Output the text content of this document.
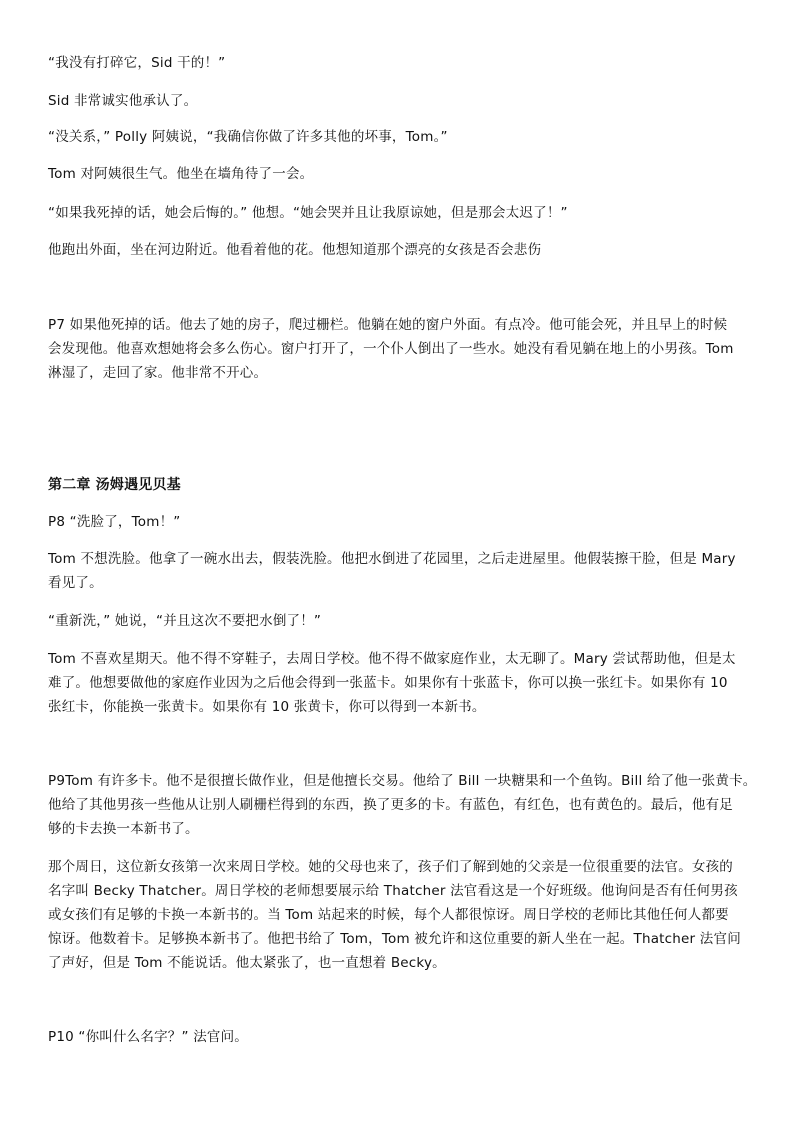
“我没有打碎它，Sid 干的！”
Sid 非常诚实他承认了。
“没关系，” Polly 阿姨说，“我确信你做了许多其他的坏事，Tom。”
Tom 对阿姨很生气。他坐在墙角待了一会。
“如果我死掉的话，她会后悔的。” 他想。“她会哭并且让我原谅她，但是那会太迟了！”
他跑出外面，坐在河边附近。他看着他的花。他想知道那个漂亮的女孩是否会悲伤
P7 如果他死掉的话。他去了她的房子，爬过栅栏。他躺在她的窗户外面。有点冷。他可能会死，并且早上的时候
会发现他。他喜欢想她将会多么伤心。窗户打开了，一个仆人倒出了一些水。她没有看见躺在地上的小男孩。Tom
淋湿了，走回了家。他非常不开心。
第二章 汤姆遇见贝基
P8 “洗脸了，Tom！”
Tom 不想洗脸。他拿了一碗水出去，假装洗脸。他把水倒进了花园里，之后走进屋里。他假装擦干脸，但是 Mary
看见了。
“重新洗，” 她说，“并且这次不要把水倒了！”
Tom 不喜欢星期天。他不得不穿鞋子，去周日学校。他不得不做家庭作业，太无聊了。Mary 尝试帮助他，但是太
难了。他想要做他的家庭作业因为之后他会得到一张蓝卡。如果你有十张蓝卡，你可以换一张红卡。如果你有 10
张红卡，你能换一张黄卡。如果你有 10 张黄卡，你可以得到一本新书。
P9Tom 有许多卡。他不是很擅长做作业，但是他擅长交易。他给了 Bill 一块糖果和一个鱼钩。Bill 给了他一张黄卡。
他给了其他男孩一些他从让别人刷栅栏得到的东西，换了更多的卡。有蓝色，有红色，也有黄色的。最后，他有足
够的卡去换一本新书了。
那个周日，这位新女孩第一次来周日学校。她的父母也来了，孩子们了解到她的父亲是一位很重要的法官。女孩的
名字叫 Becky Thatcher。周日学校的老师想要展示给 Thatcher 法官看这是一个好班级。他询问是否有任何男孩
或女孩们有足够的卡换一本新书的。当 Tom 站起来的时候，每个人都很惊讶。周日学校的老师比其他任何人都要
惊讶。他数着卡。足够换本新书了。他把书给了 Tom，Tom 被允许和这位重要的新人坐在一起。Thatcher 法官问
了声好，但是 Tom 不能说话。他太紧张了，也一直想着 Becky。
P10 “你叫什么名字？” 法官问。
